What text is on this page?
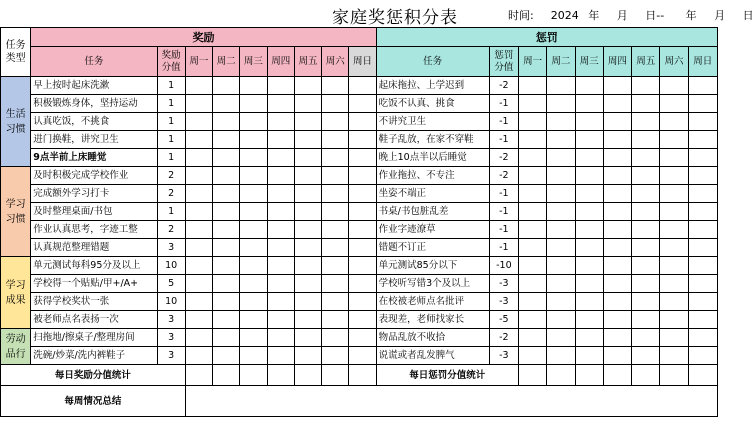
家庭奖惩积分表	时间: 2024 年 月 日-- 年 月 日
任务类型	奖励									惩罚								
	任务	奖励分值	周一	周二	周三	周四	周五	周六	周日	任务	惩罚分值	周一	周二	周三	周四	周五	周六	周日
生活习惯	早上按时起床洗漱	1								起床拖拉、上学迟到	-2							
	积极锻炼身体，坚持运动	1								吃饭不认真、挑食	-1							
	认真吃饭，不挑食	1								不讲究卫生	-1							
	进门换鞋，讲究卫生	1								鞋子乱放，在家不穿鞋	-1							
	9点半前上床睡觉	1								晚上10点半以后睡觉	-2							
学习习惯	及时积极完成学校作业	2								作业拖拉、不专注	-2							
	完成额外学习打卡	2								坐姿不端正	-1							
	及时整理桌面/书包	1								书桌/书包脏乱差	-1							
	作业认真思考，字迹工整	2								作业字迹潦草	-1							
	认真规范整理错题	3								错题不订正	-1							
学习成果	单元测试每科95分及以上	10								单元测试85分以下	-10							
	学校得一个贴贴/甲+/A+	5								学校听写错3个及以上	-3							
	获得学校奖状一张	10								在校被老师点名批评	-3							
	被老师点名表扬一次	3								表现差，老师找家长	-5							
劳动品行	扫拖地/擦桌子/整理房间	3								物品乱放不收拾	-2							
	洗碗/炒菜/洗内裤鞋子	3								说谎或者乱发脾气	-3							
每日奖励分值统计										每日惩罚分值统计								
每周情况总结																		
